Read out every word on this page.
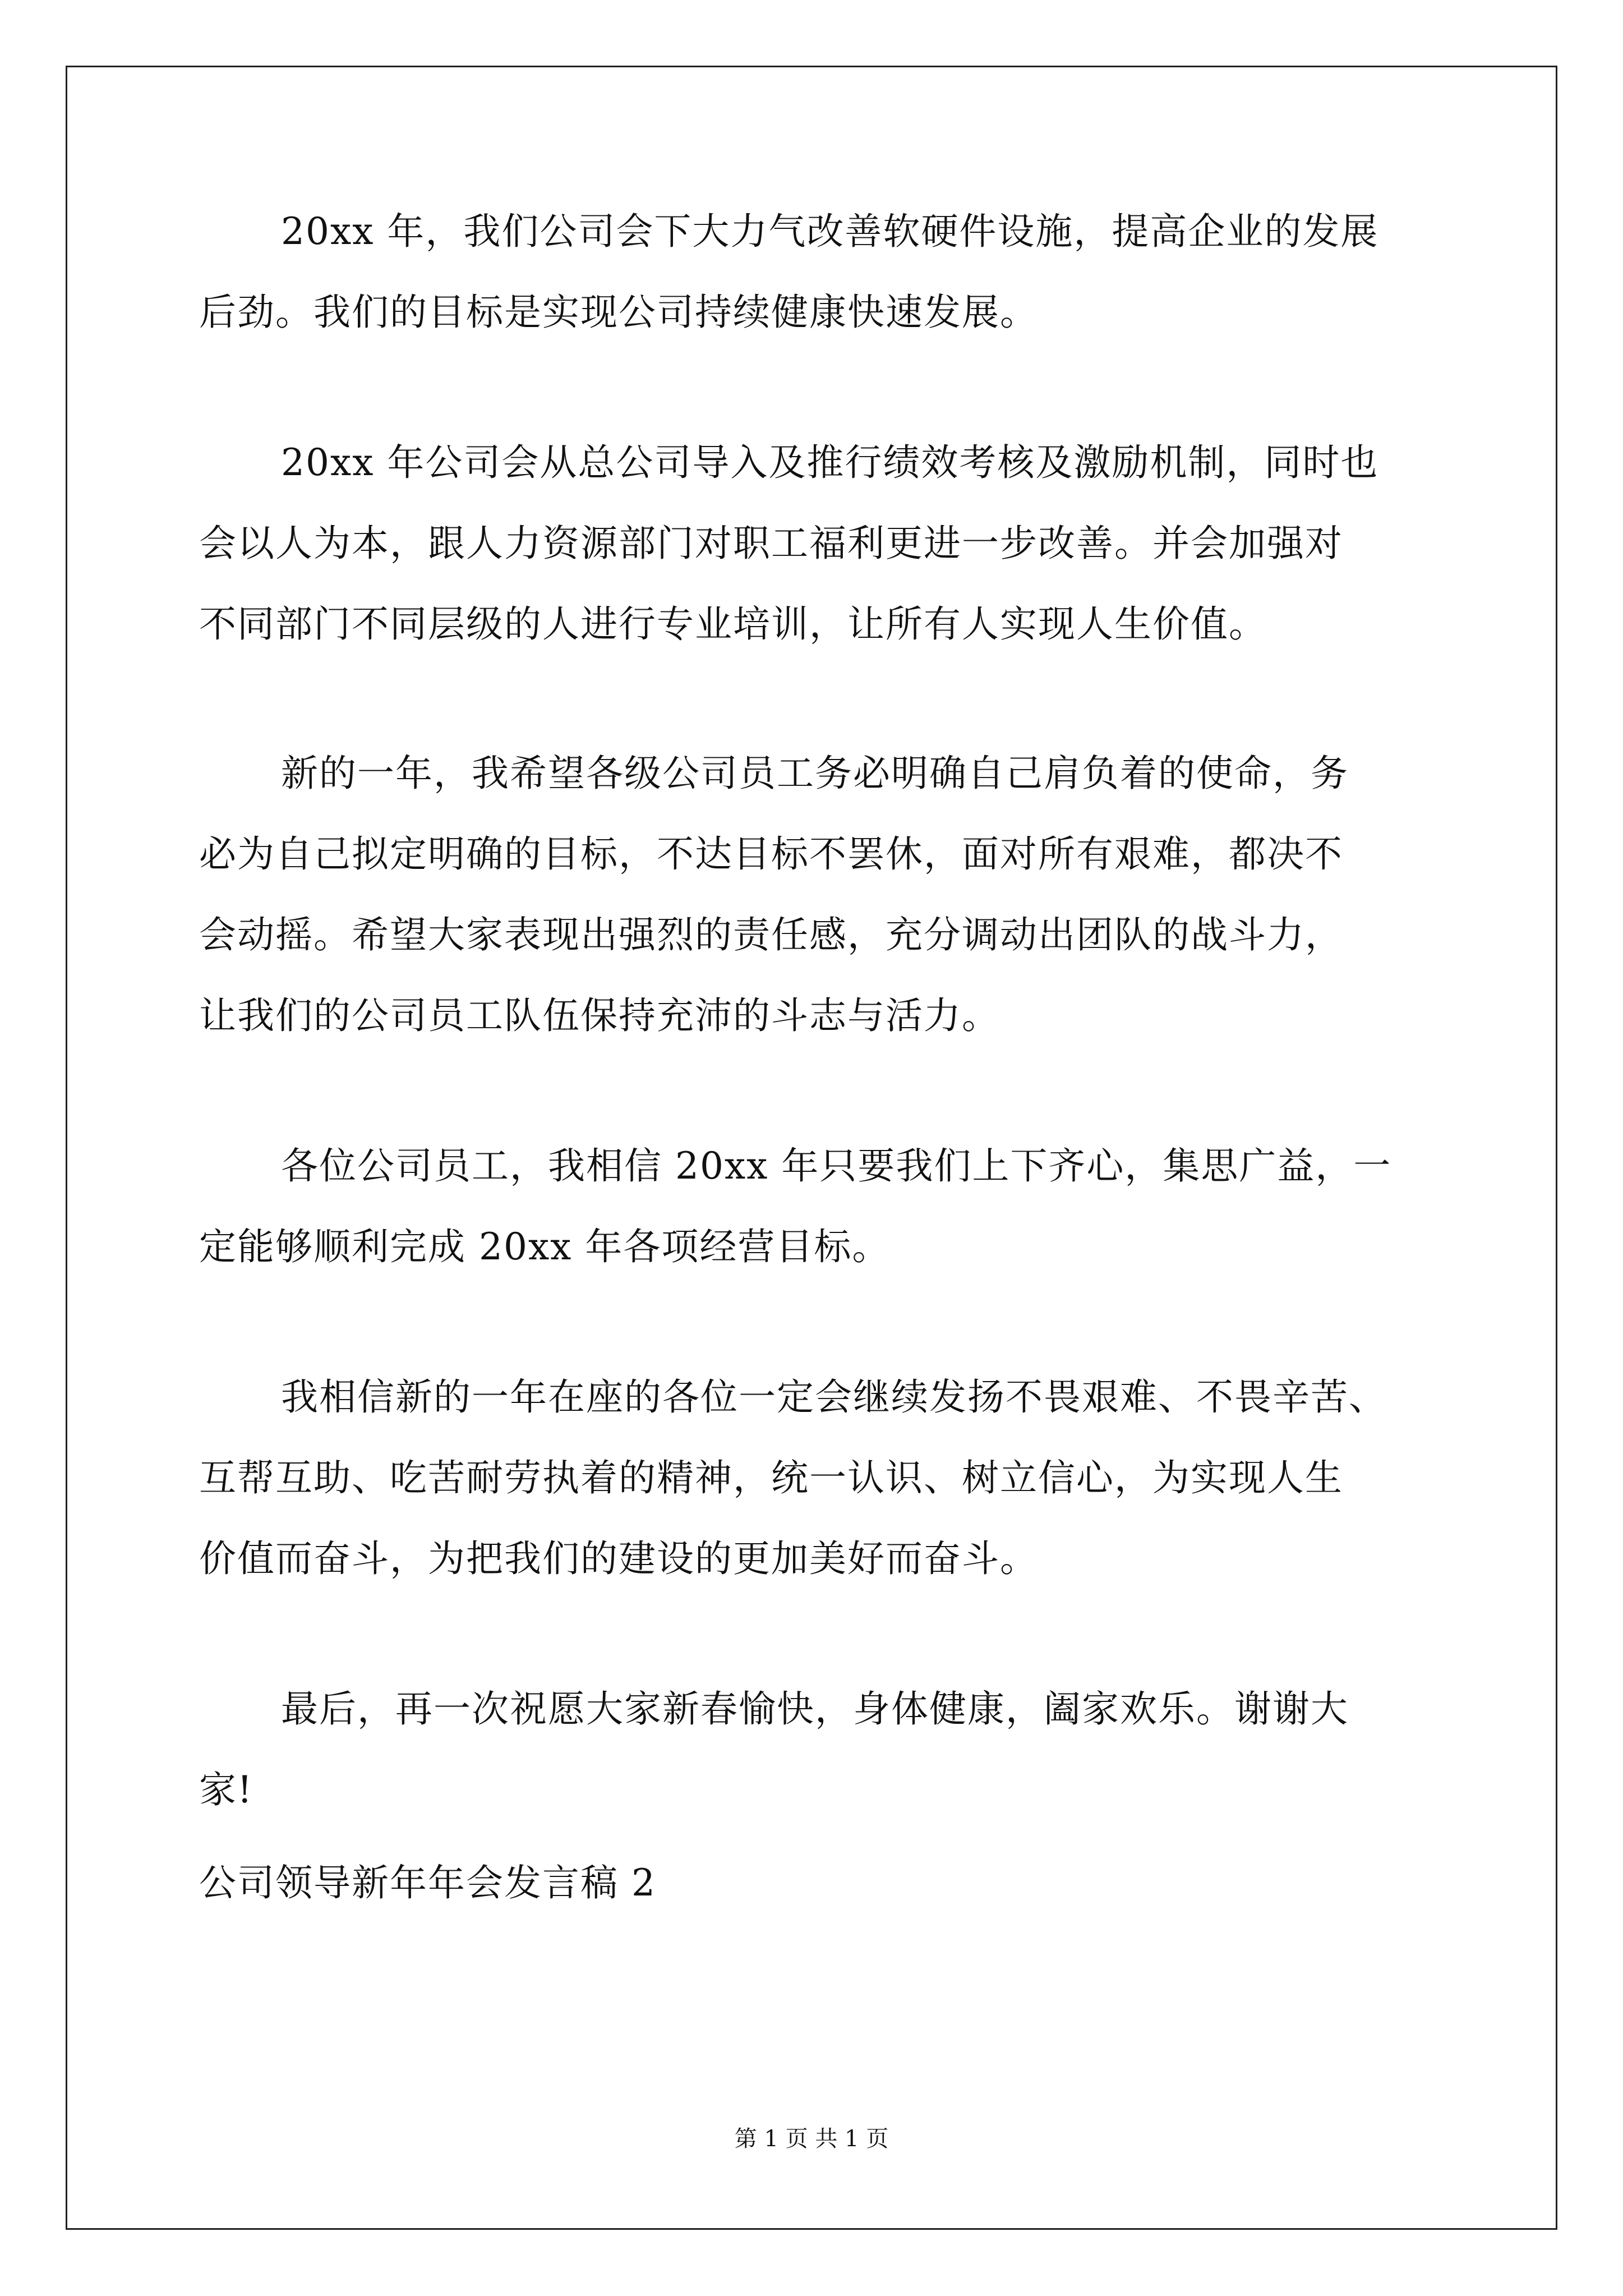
20xx 年，我们公司会下大力气改善软硬件设施，提高企业的发展
后劲。我们的目标是实现公司持续健康快速发展。
20xx 年公司会从总公司导入及推行绩效考核及激励机制，同时也
会以人为本，跟人力资源部门对职工福利更进一步改善。并会加强对
不同部门不同层级的人进行专业培训，让所有人实现人生价值。
新的一年，我希望各级公司员工务必明确自己肩负着的使命，务
必为自己拟定明确的目标，不达目标不罢休，面对所有艰难，都决不
会动摇。希望大家表现出强烈的责任感，充分调动出团队的战斗力，
让我们的公司员工队伍保持充沛的斗志与活力。
各位公司员工，我相信 20xx 年只要我们上下齐心，集思广益，一
定能够顺利完成 20xx 年各项经营目标。
我相信新的一年在座的各位一定会继续发扬不畏艰难、不畏辛苦、
互帮互助、吃苦耐劳执着的精神，统一认识、树立信心，为实现人生
价值而奋斗，为把我们的建设的更加美好而奋斗。
最后，再一次祝愿大家新春愉快，身体健康，阖家欢乐。谢谢大
家!
公司领导新年年会发言稿 2
第 1 页 共 1 页
